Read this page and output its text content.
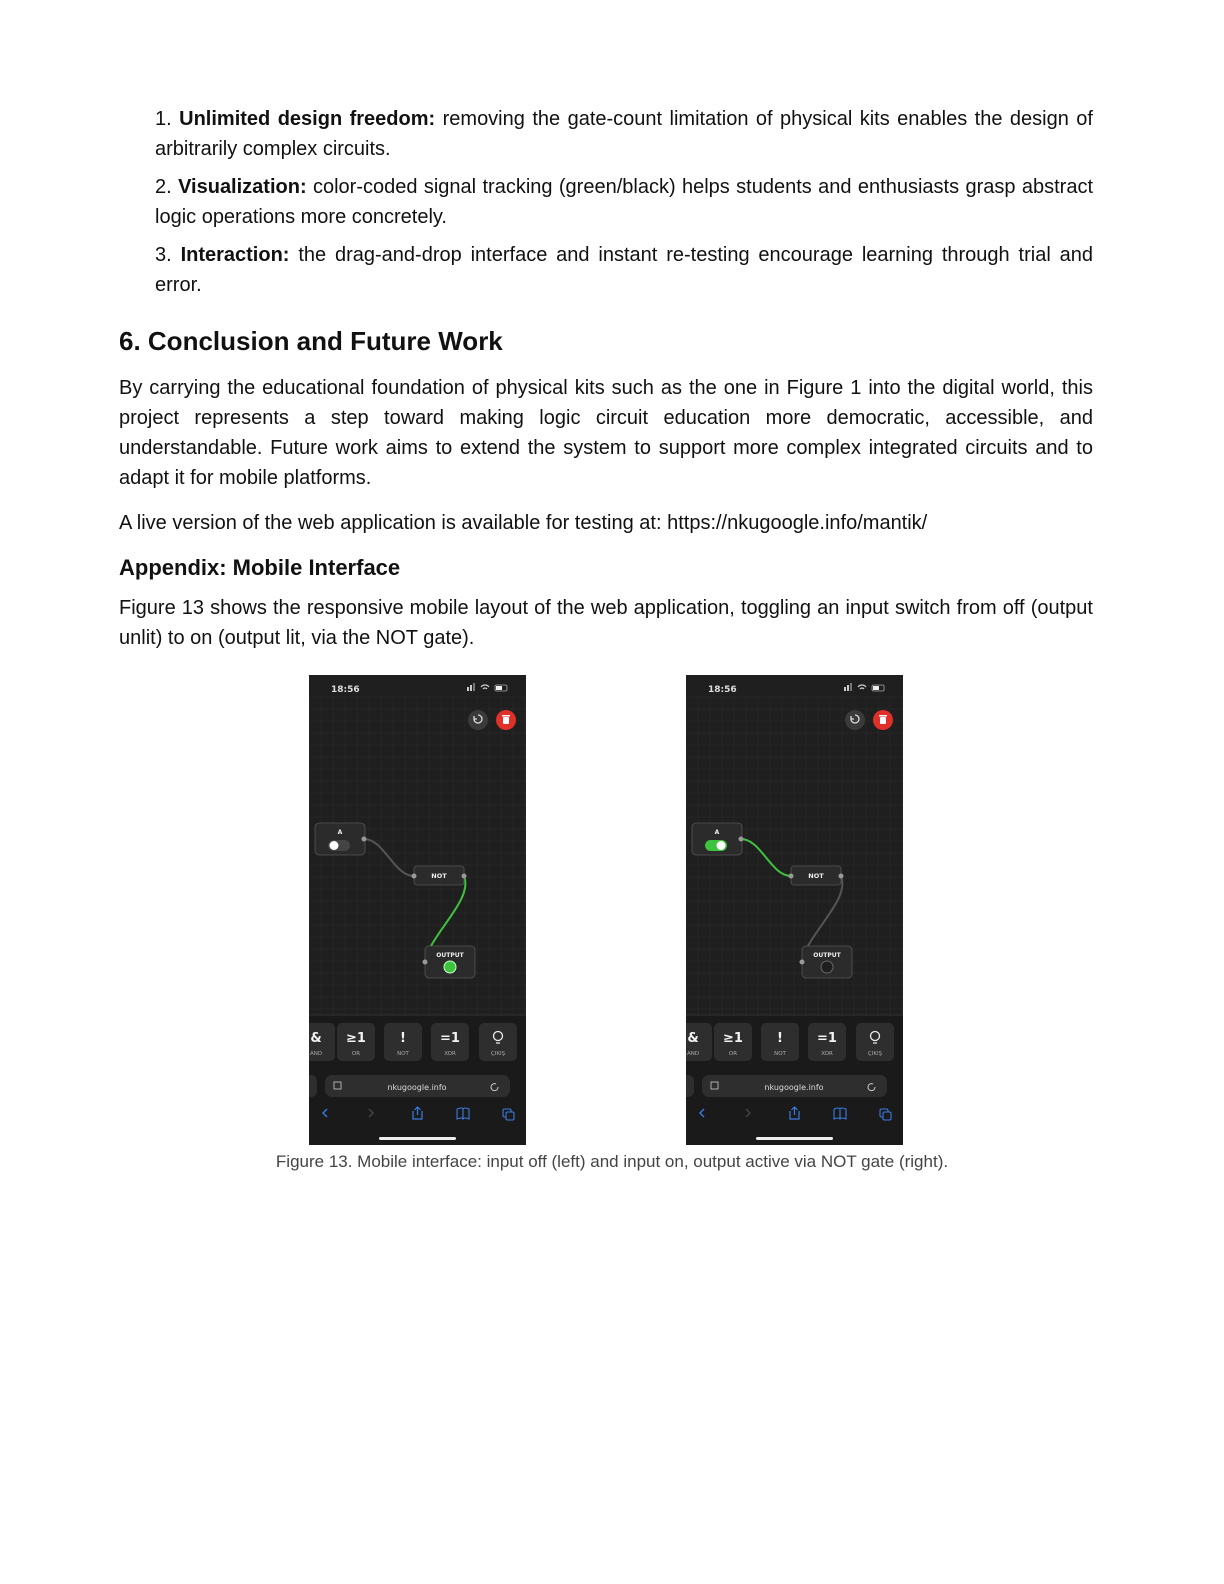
1. Unlimited design freedom: removing the gate-count limitation of physical kits enables the design of arbitrarily complex circuits.

2. Visualization: color-coded signal tracking (green/black) helps students and enthusiasts grasp abstract logic operations more concretely.

3. Interaction: the drag-and-drop interface and instant re-testing encourage learning through trial and error.

6. Conclusion and Future Work

By carrying the educational foundation of physical kits such as the one in Figure 1 into the digital world, this project represents a step toward making logic circuit education more democratic, accessible, and understandable. Future work aims to extend the system to support more complex integrated circuits and to adapt it for mobile platforms.

A live version of the web application is available for testing at: https://nkugoogle.info/mantik/

Appendix: Mobile Interface

Figure 13 shows the responsive mobile layout of the web application, toggling an input switch from off (output unlit) to on (output lit, via the NOT gate).

18:56
A
NOT
OUTPUT
&
AND
≥1
OR
!
NOT
=1
XOR	ÇIKIŞ
nkugoogle.info
18:56
A
NOT
OUTPUT
&
AND
≥1
OR
!
NOT
=1
XOR	ÇIKIŞ
nkugoogle.info

Figure 13. Mobile interface: input off (left) and input on, output active via NOT gate (right).
